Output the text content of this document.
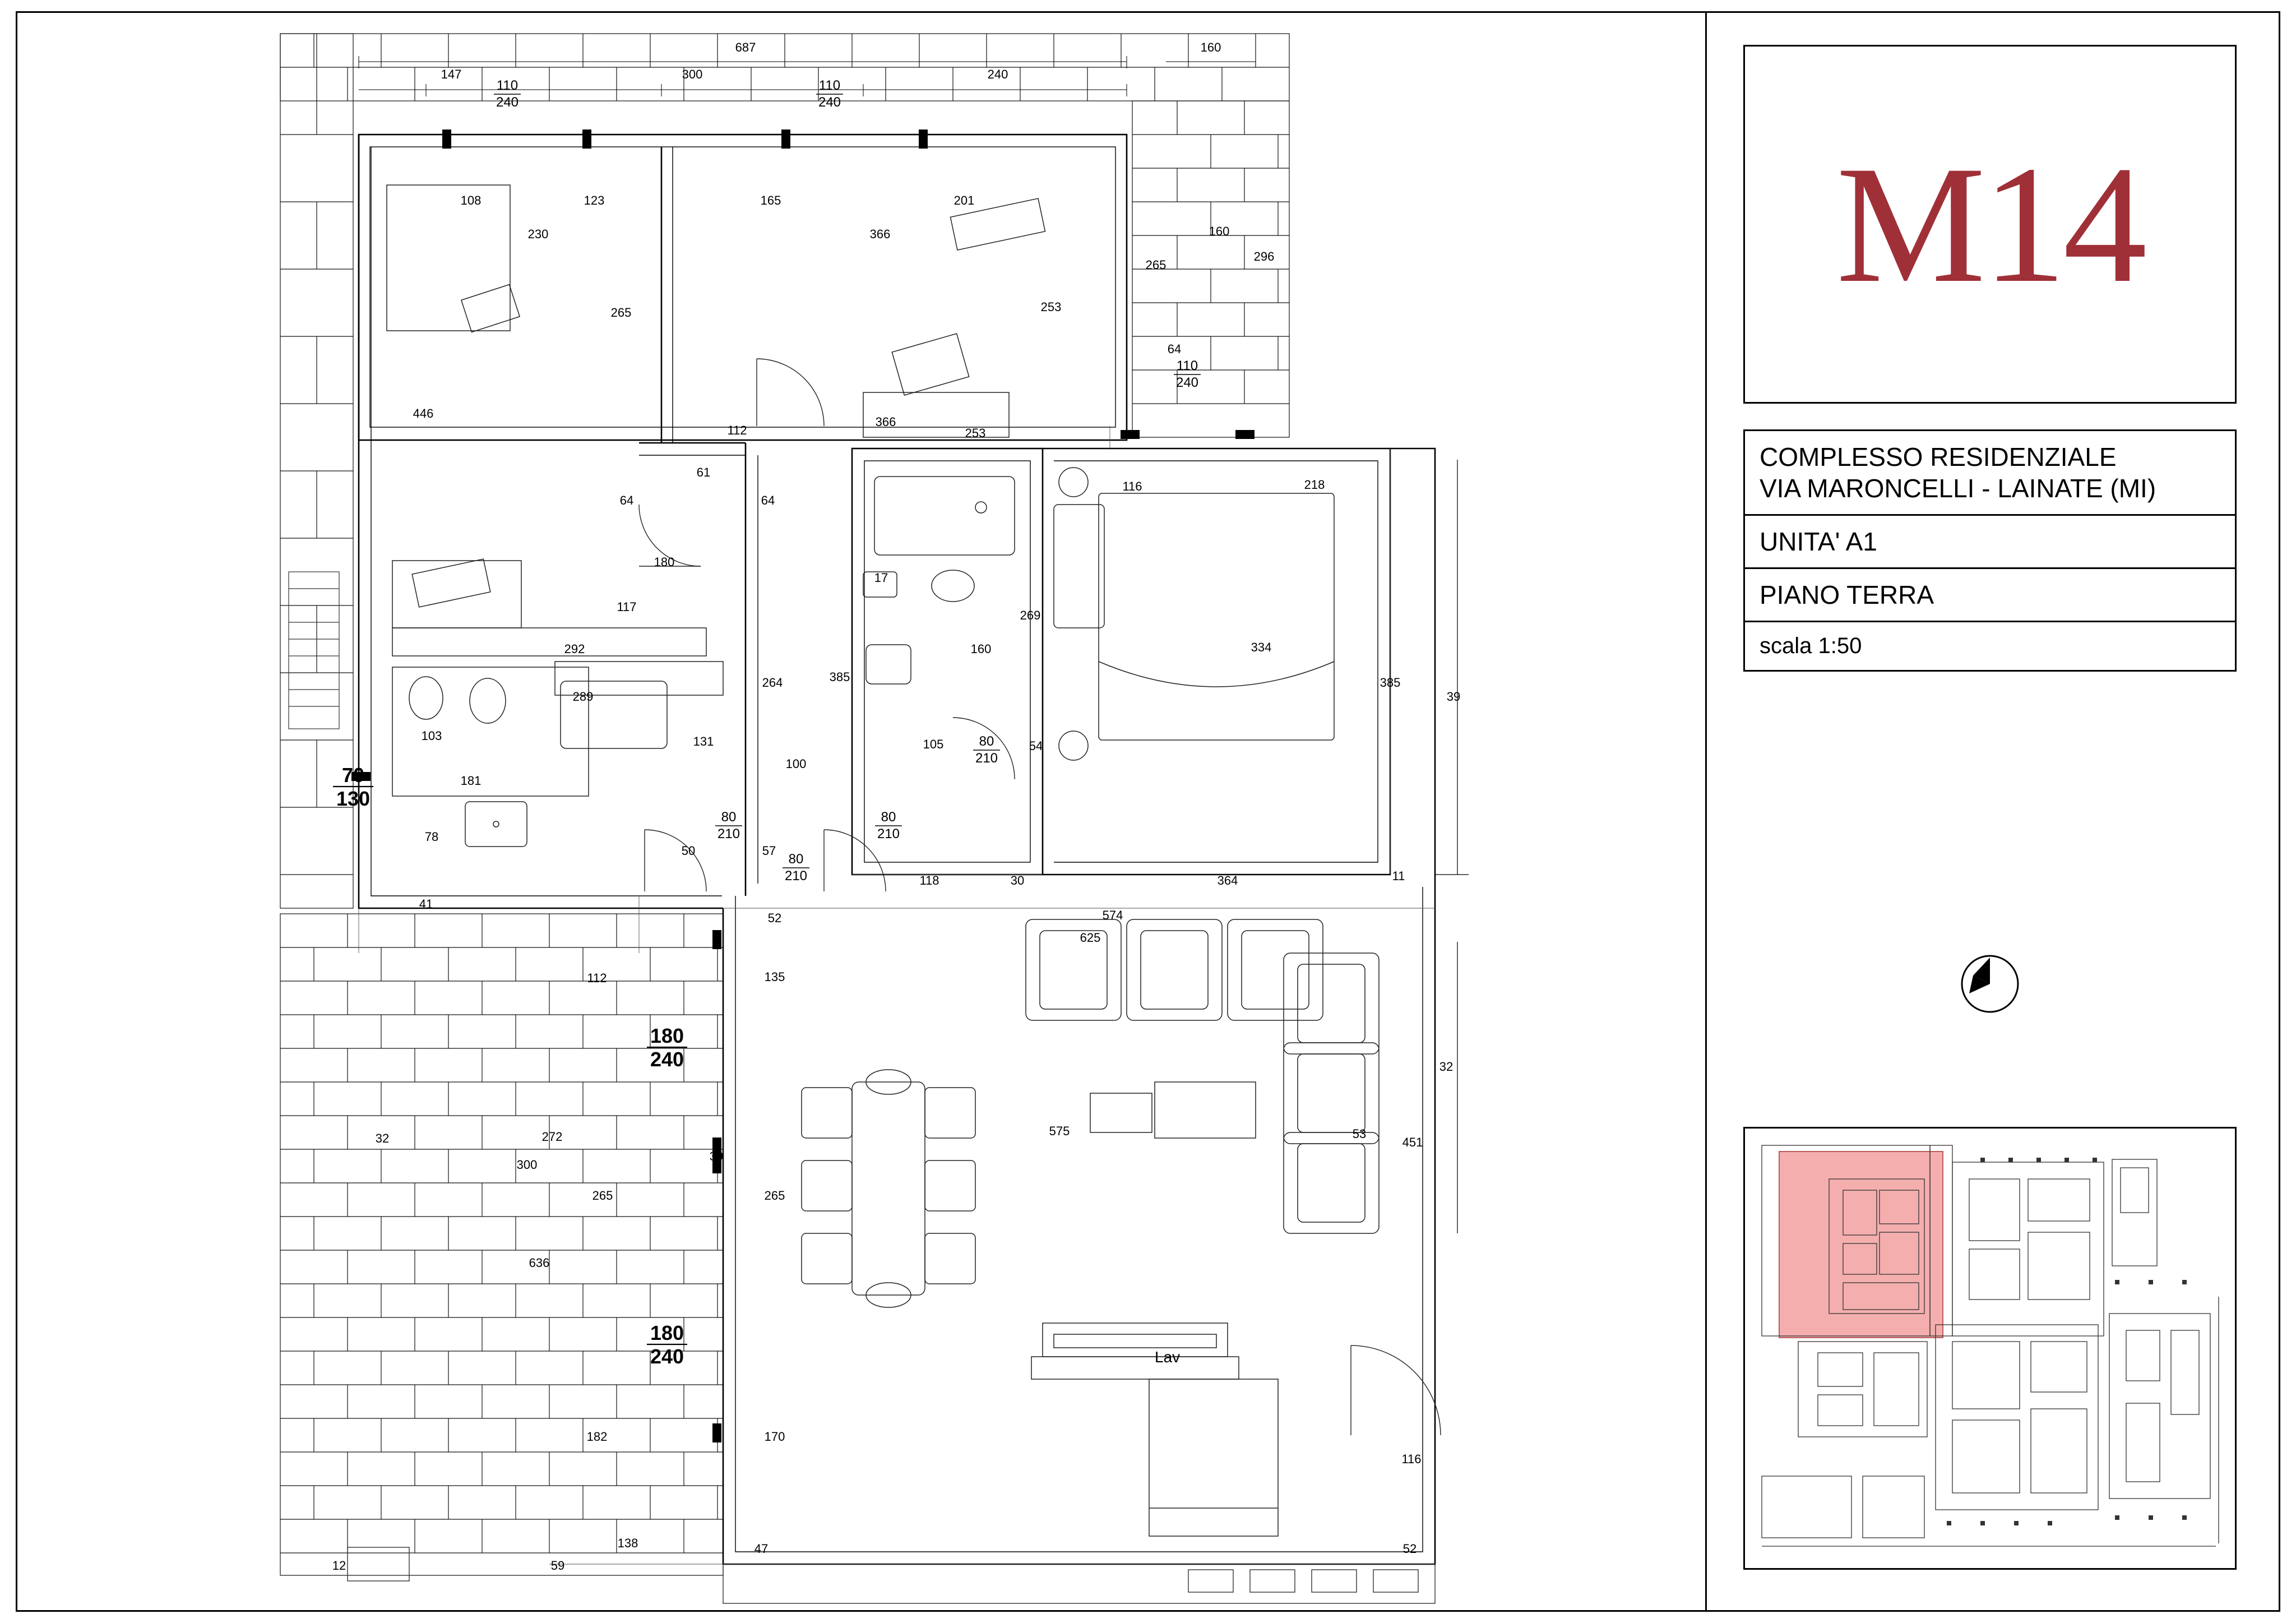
687
147	300	240
160
108	123	165	201
230	366	160
296
265	253
265
64
446
112
366
253
116	218
61
64	64
180
17
117
269
292	160	334
385
289
385
264
39
103	131
181
105	54
78
100
50	57
41
118	30	364	11
52
112	135
574
625
32
32	272
300
39
265	265
575	53
451
636
182	170
116
138	47
59
12
52
110
240
110
240
110
240
70
130
180
240
180
240
80
210
80
210
80
210
80
210
Lav
M14
COMPLESSO RESIDENZIALE
VIA MARONCELLI - LAINATE (MI)
UNITA' A1
PIANO TERRA
scala 1:50
